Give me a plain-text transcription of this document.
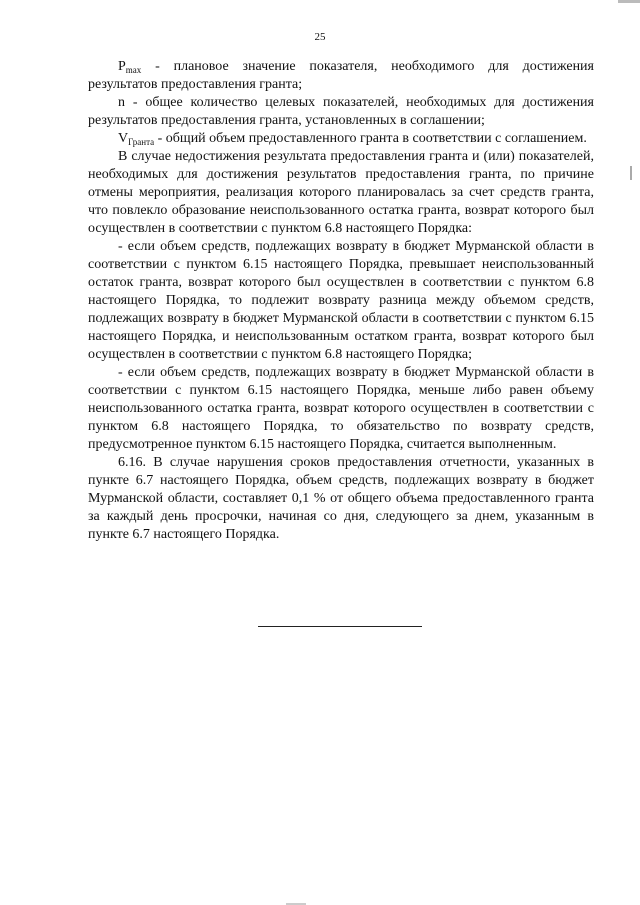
25

$P_{max}$ - плановое значение показателя, необходимого для достижения результатов предоставления гранта;

n - общее количество целевых показателей, необходимых для достижения результатов предоставления гранта, установленных в соглашении;

$V_{Гранта}$ - общий объем предоставленного гранта в соответствии с соглашением.

В случае недостижения результата предоставления гранта и (или) показателей, необходимых для достижения результатов предоставления гранта, по причине отмены мероприятия, реализация которого планировалась за счет средств гранта, что повлекло образование неиспользованного остатка гранта, возврат которого был осуществлен в соответствии с пунктом 6.8 настоящего Порядка:

- если объем средств, подлежащих возврату в бюджет Мурманской области в соответствии с пунктом 6.15 настоящего Порядка, превышает неиспользованный остаток гранта, возврат которого был осуществлен в соответствии с пунктом 6.8 настоящего Порядка, то подлежит возврату разница между объемом средств, подлежащих возврату в бюджет Мурманской области в соответствии с пунктом 6.15 настоящего Порядка, и неиспользованным остатком гранта, возврат которого был осуществлен в соответствии с пунктом 6.8 настоящего Порядка;

- если объем средств, подлежащих возврату в бюджет Мурманской области в соответствии с пунктом 6.15 настоящего Порядка, меньше либо равен объему неиспользованного остатка гранта, возврат которого осуществлен в соответствии с пунктом 6.8 настоящего Порядка, то обязательство по возврату средств, предусмотренное пунктом 6.15 настоящего Порядка, считается выполненным.

6.16. В случае нарушения сроков предоставления отчетности, указанных в пункте 6.7 настоящего Порядка, объем средств, подлежащих возврату в бюджет Мурманской области, составляет 0,1 % от общего объема предоставленного гранта за каждый день просрочки, начиная со дня, следующего за днем, указанным в пункте 6.7 настоящего Порядка.
